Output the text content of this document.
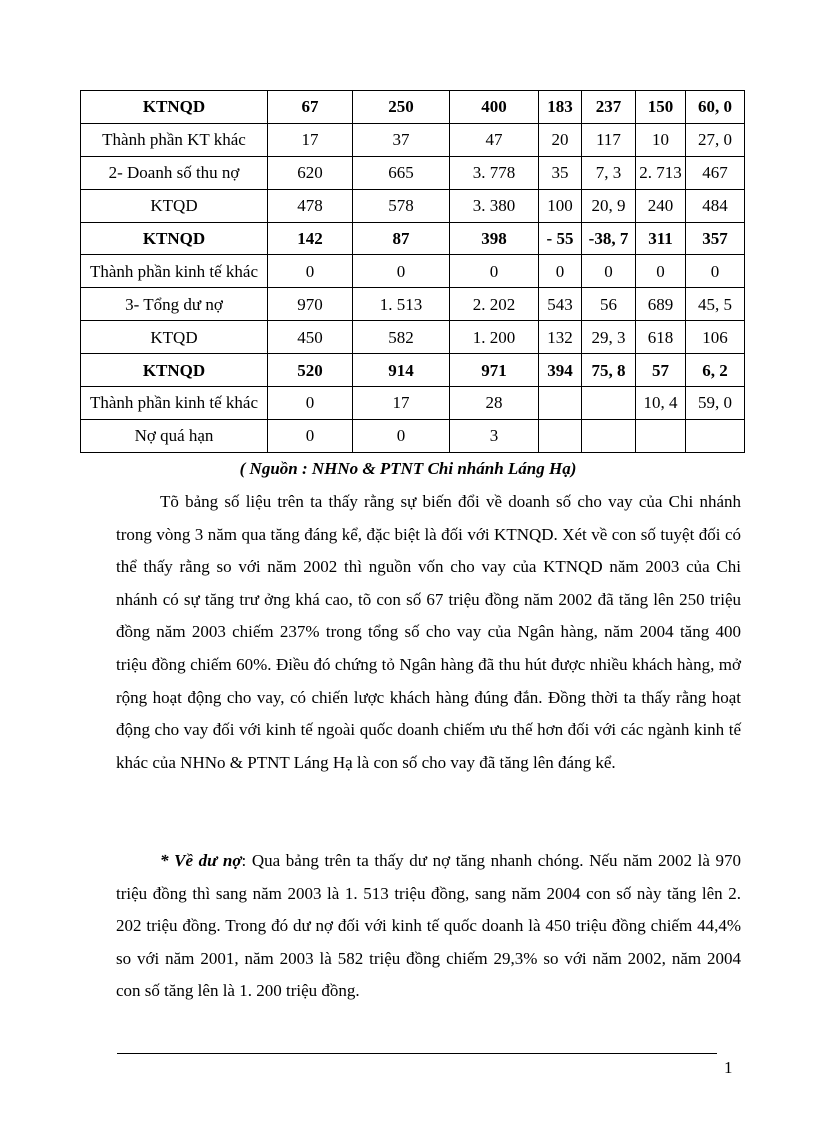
KTNQD	67	250	400	183	237	150	60, 0
Thành phần KT khác	17	37	47	20	117	10	27, 0
2- Doanh số thu nợ	620	665	3. 778	35	7, 3	2. 713	467
KTQD	478	578	3. 380	100	20, 9	240	484
KTNQD	142	87	398	- 55	-38, 7	311	357
Thành phần kinh tế khác	0	0	0	0	0	0	0
3- Tổng dư nợ	970	1. 513	2. 202	543	56	689	45, 5
KTQD	450	582	1. 200	132	29, 3	618	106
KTNQD	520	914	971	394	75, 8	57	6, 2
Thành phần kinh tế khác	0	17	28			10, 4	59, 0
Nợ quá hạn	0	0	3				
( Nguồn : NHNo & PTNT Chi nhánh Láng Hạ)

Tõ bảng số liệu trên ta thấy rằng sự biến đổi về doanh số cho vay của Chi nhánh trong vòng 3 năm qua tăng đáng kể, đặc biệt là đối với KTNQD. Xét về con số tuyệt đối có thể thấy rằng so với năm 2002 thì nguồn vốn cho vay của KTNQD năm 2003 của Chi nhánh có sự tăng trư ởng khá cao, tõ con số 67 triệu đồng năm 2002 đã tăng lên 250 triệu đồng năm 2003 chiếm 237% trong tổng số cho vay của Ngân hàng, năm 2004 tăng 400 triệu đồng chiếm 60%. Điều đó chứng tỏ Ngân hàng đã thu hút được nhiều khách hàng, mở rộng hoạt động cho vay, có chiến lược khách hàng đúng đắn. Đồng thời ta thấy rằng hoạt động cho vay đối với kinh tế ngoài quốc doanh chiếm ưu thế hơn đối với các ngành kinh tế khác của NHNo & PTNT Láng Hạ là con số cho vay đã tăng lên đáng kể.

* Về dư nợ: Qua bảng trên ta thấy dư nợ tăng nhanh chóng. Nếu năm 2002 là 970 triệu đồng thì sang năm 2003 là 1. 513 triệu đồng, sang năm 2004 con số này tăng lên 2. 202 triệu đồng. Trong đó dư nợ đối với kinh tế quốc doanh là 450 triệu đồng chiếm 44,4% so với năm 2001, năm 2003 là 582 triệu đồng chiếm 29,3% so với năm 2002, năm 2004 con số tăng lên là 1. 200 triệu đồng.

1
